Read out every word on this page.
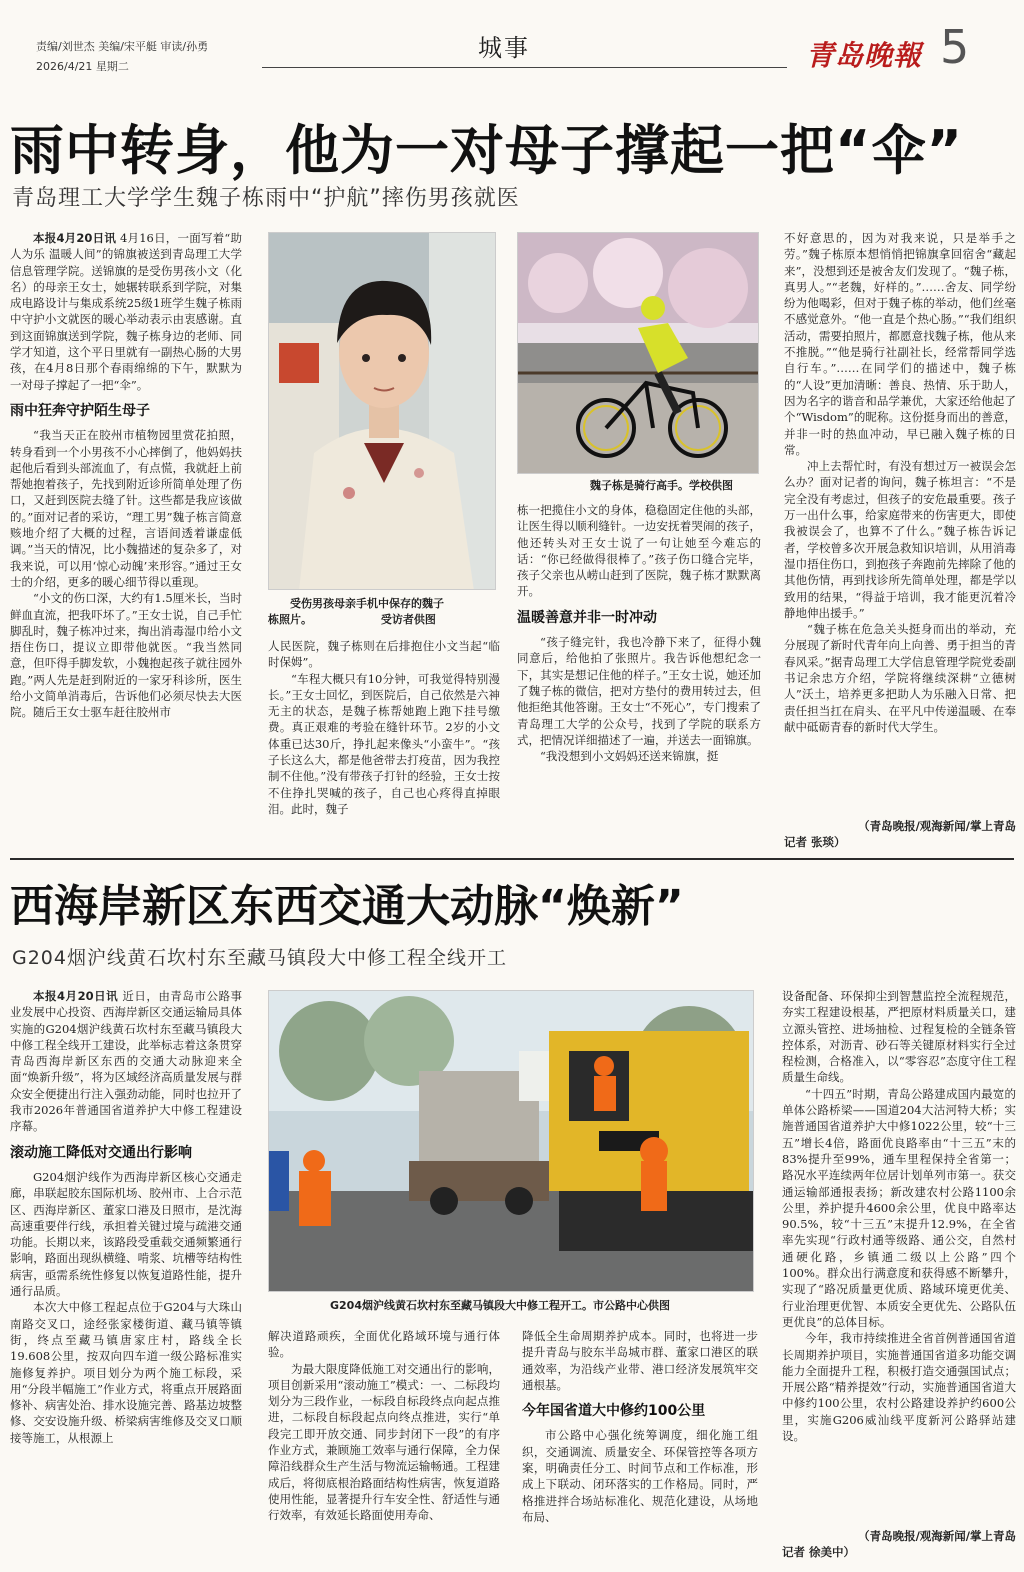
责编/刘世杰 美编/宋平艇 审读/孙勇
2026/4/21 星期二
城事	青岛晚報 5
雨中转身，他为一对母子撑起一把“伞”
青岛理工大学学生魏子栋雨中“护航”摔伤男孩就医

本报4月20日讯 4月16日，一面写着“助人为乐 温暖人间”的锦旗被送到青岛理工大学信息管理学院。送锦旗的是受伤男孩小文（化名）的母亲王女士，她辗转联系到学院，对集成电路设计与集成系统25级1班学生魏子栋雨中守护小文就医的暖心举动表示由衷感谢。直到这面锦旗送到学院，魏子栋身边的老师、同学才知道，这个平日里就有一副热心肠的大男孩，在4月8日那个春雨绵绵的下午，默默为一对母子撑起了一把“伞”。

雨中狂奔守护陌生母子

“我当天正在胶州市植物园里赏花拍照，转身看到一个小男孩不小心摔倒了，他妈妈扶起他后看到头部流血了，有点慌，我就赶上前帮她抱着孩子，先找到附近诊所简单处理了伤口，又赶到医院去缝了针。这些都是我应该做的。”面对记者的采访，“理工男”魏子栋言简意赅地介绍了大概的过程，言语间透着谦虚低调。”当天的情况，比小魏描述的复杂多了，对我来说，可以用‘惊心动魄’来形容。”通过王女士的介绍，更多的暖心细节得以重现。

“小文的伤口深，大约有1.5厘米长，当时鲜血直流，把我吓坏了。”王女士说，自己手忙脚乱时，魏子栋冲过来，掏出消毒湿巾给小文捂住伤口，提议立即带他就医。“我当然同意，但吓得手脚发软，小魏抱起孩子就往园外跑。”两人先是赶到附近的一家牙科诊所，医生给小文简单消毒后，告诉他们必须尽快去大医院。随后王女士驱车赶往胶州市

受伤男孩母亲手机中保存的魏子
栋照片。                  受访者供图

人民医院，魏子栋则在后排抱住小文当起“临时保姆”。

“车程大概只有10分钟，可我觉得特别漫长。”王女士回忆，到医院后，自己依然是六神无主的状态，是魏子栋帮她跑上跑下挂号缴费。真正艰难的考验在缝针环节。2岁的小文体重已达30斤，挣扎起来像头“小蛮牛”。“孩子长这么大，都是他爸带去打疫苗，因为我控制不住他。”没有带孩子打针的经验，王女士按不住挣扎哭喊的孩子，自己也心疼得直掉眼泪。此时，魏子

魏子栋是骑行高手。学校供图

栋一把揽住小文的身体，稳稳固定住他的头部，让医生得以顺利缝针。一边安抚着哭闹的孩子，他还转头对王女士说了一句让她至今难忘的话：“你已经做得很棒了。”孩子伤口缝合完毕，孩子父亲也从崂山赶到了医院，魏子栋才默默离开。

温暖善意并非一时冲动

“孩子缝完针，我也冷静下来了，征得小魏同意后，给他拍了张照片。我告诉他想纪念一下，其实是想记住他的样子。”王女士说，她还加了魏子栋的微信，把对方垫付的费用转过去，但他拒绝其他答谢。王女士“不死心”，专门搜索了青岛理工大学的公众号，找到了学院的联系方式，把情况详细描述了一遍，并送去一面锦旗。

“我没想到小文妈妈还送来锦旗，挺

不好意思的，因为对我来说，只是举手之劳。”魏子栋原本想悄悄把锦旗拿回宿舍“藏起来”，没想到还是被舍友们发现了。“魏子栋，真男人。”“老魏，好样的。”……舍友、同学纷纷为他喝彩，但对于魏子栋的举动，他们丝毫不感觉意外。“他一直是个热心肠。”“我们组织活动，需要拍照片，都愿意找魏子栋，他从来不推脱。”“他是骑行社副社长，经常帮同学选自行车。”……在同学们的描述中，魏子栋的“人设”更加清晰：善良、热情、乐于助人，因为名字的谐音和品学兼优，大家还给他起了个“Wisdom”的昵称。这份挺身而出的善意，并非一时的热血冲动，早已融入魏子栋的日常。

冲上去帮忙时，有没有想过万一被误会怎么办？面对记者的询问，魏子栋坦言：“不是完全没有考虑过，但孩子的安危最重要。孩子万一出什么事，给家庭带来的伤害更大，即使我被误会了，也算不了什么。”魏子栋告诉记者，学校曾多次开展急救知识培训，从用消毒湿巾捂住伤口，到抱孩子奔跑前先摔除了他的其他伤情，再到找诊所先简单处理，都是学以致用的结果，“得益于培训，我才能更沉着冷静地伸出援手。”

“魏子栋在危急关头挺身而出的举动，充分展现了新时代青年向上向善、勇于担当的青春风采。”据青岛理工大学信息管理学院党委副书记余忠方介绍，学院将继续深耕“立德树人”沃土，培养更多把助人为乐融入日常、把责任担当扛在肩头、在平凡中传递温暖、在奉献中砥砺青春的新时代大学生。

（青岛晚报/观海新闻/掌上青岛
记者 张琰）
西海岸新区东西交通大动脉“焕新”
G204烟沪线黄石坎村东至藏马镇段大中修工程全线开工

本报4月20日讯 近日，由青岛市公路事业发展中心投资、西海岸新区交通运输局具体实施的G204烟沪线黄石坎村东至藏马镇段大中修工程全线开工建设，此举标志着这条贯穿青岛西海岸新区东西的交通大动脉迎来全面“焕新升级”，将为区域经济高质量发展与群众安全便捷出行注入强劲动能，同时也拉开了我市2026年普通国省道养护大中修工程建设序幕。

滚动施工降低对交通出行影响

G204烟沪线作为西海岸新区核心交通走廊，串联起胶东国际机场、胶州市、上合示范区、西海岸新区、董家口港及日照市，是沈海高速重要伴行线，承担着关键过境与疏港交通功能。长期以来，该路段受重载交通频繁通行影响，路面出现纵横缝、啃浆、坑槽等结构性病害，亟需系统性修复以恢复道路性能，提升通行品质。

本次大中修工程起点位于G204与大珠山南路交叉口，途经张家楼街道、藏马镇等镇街，终点至藏马镇唐家庄村，路线全长19.608公里，按双向四车道一级公路标准实施修复养护。项目划分为两个施工标段，采用“分段半幅施工”作业方式，将重点开展路面修补、病害处治、排水设施完善、路基边坡整修、交安设施升级、桥梁病害维修及交叉口顺接等施工，从根源上

G204烟沪线黄石坎村东至藏马镇段大中修工程开工。市公路中心供图

解决道路顽疾，全面优化路域环境与通行体验。

为最大限度降低施工对交通出行的影响，项目创新采用“滚动施工”模式：一、二标段均划分为三段作业，一标段自标段终点向起点推进，二标段自标段起点向终点推进，实行“单段完工即开放交通、同步封闭下一段”的有序作业方式，兼顾施工效率与通行保障，全力保障沿线群众生产生活与物流运输畅通。工程建成后，将彻底根治路面结构性病害，恢复道路使用性能，显著提升行车安全性、舒适性与通行效率，有效延长路面使用寿命、

降低全生命周期养护成本。同时，也将进一步提升青岛与胶东半岛城市群、董家口港区的联通效率，为沿线产业带、港口经济发展筑牢交通根基。

今年国省道大中修约100公里

市公路中心强化统筹调度，细化施工组织，交通调流、质量安全、环保管控等各项方案，明确责任分工、时间节点和工作标准，形成上下联动、闭环落实的工作格局。同时，严格推进拌合场站标准化、规范化建设，从场地布局、

设备配备、环保抑尘到智慧监控全流程规范，夯实工程建设根基，严把原材料质量关口，建立源头管控、进场抽检、过程复检的全链条管控体系，对沥青、砂石等关键原材料实行全过程检测，合格准入，以“零容忍”态度守住工程质量生命线。

“十四五”时期，青岛公路建成国内最宽的单体公路桥梁——国道204大沽河特大桥；实施普通国省道养护大中修1022公里，较“十三五”增长4倍，路面优良路率由“十三五”末的83%提升至99%，通车里程保持全省第一；路况水平连续两年位居计划单列市第一。获交通运输部通报表扬；新改建农村公路1100余公里，养护提升4600余公里，优良中路率达90.5%，较“十三五”末提升12.9%，在全省率先实现“行政村通等级路、通公交，自然村通硬化路，乡镇通二级以上公路”四个100%。群众出行满意度和获得感不断攀升，实现了“路况质量更优质、路域环境更优美、行业治理更优智、本质安全更优先、公路队伍更优良”的总体目标。

今年，我市持续推进全省首例普通国省道长周期养护项目，实施普通国省道多功能交调能力全面提升工程，积极打造交通强国试点；开展公路“精养提效”行动，实施普通国省道大中修约100公里，农村公路建设养护约600公里，实施G206威汕线平度新河公路驿站建设。

（青岛晚报/观海新闻/掌上青岛
记者 徐美中）
